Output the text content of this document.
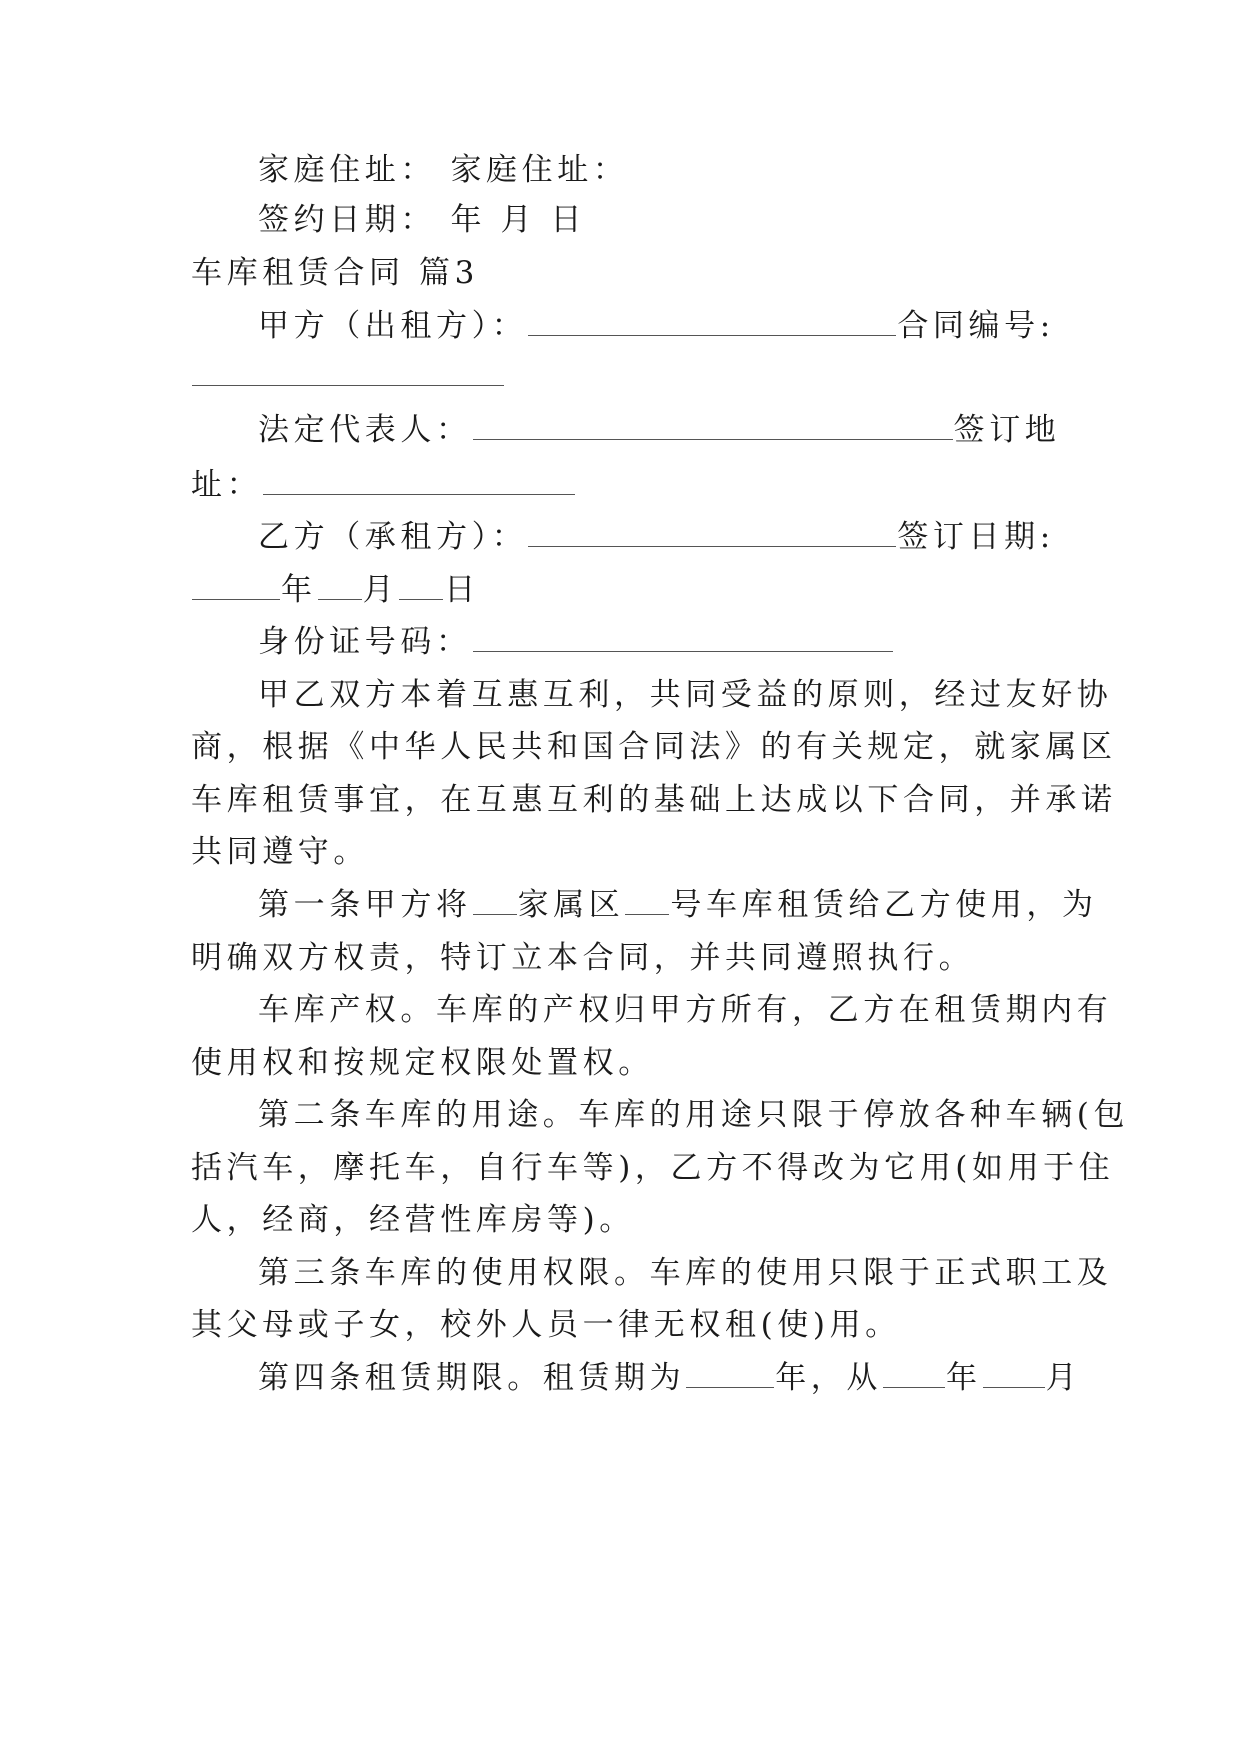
家庭住址： 家庭住址：
签约日期： 年 月 日
车库租赁合同 篇3
甲方（出租方）：	合同编号:
法定代表人：	签订地
址：
乙方（承租方）：	签订日期:
年 月 日
身份证号码：
甲乙双方本着互惠互利，共同受益的原则，经过友好协
商，根据《中华人民共和国合同法》的有关规定，就家属区
车库租赁事宜，在互惠互利的基础上达成以下合同，并承诺
共同遵守。
第一条甲方将 家属区 号车库租赁给乙方使用，为
明确双方权责，特订立本合同，并共同遵照执行。
车库产权。车库的产权归甲方所有，乙方在租赁期内有
使用权和按规定权限处置权。
第二条车库的用途。车库的用途只限于停放各种车辆(包
括汽车，摩托车，自行车等)，乙方不得改为它用(如用于住
人，经商，经营性库房等)。
第三条车库的使用权限。车库的使用只限于正式职工及
其父母或子女，校外人员一律无权租(使)用。
第四条租赁期限。租赁期为	年，从 年 月
